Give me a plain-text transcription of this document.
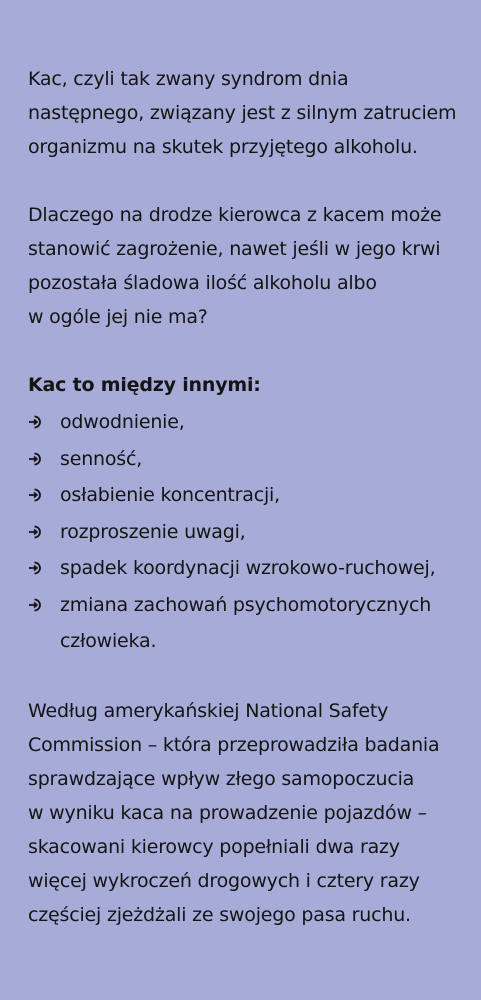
Kac, czyli tak zwany syndrom dnia
następnego, związany jest z silnym zatruciem
organizmu na skutek przyjętego alkoholu.

Dlaczego na drodze kierowca z kacem może
stanowić zagrożenie, nawet jeśli w jego krwi
pozostała śladowa ilość alkoholu albo
w ogóle jej nie ma?

Kac to między innymi:

odwodnienie,
senność,
osłabienie koncentracji,
rozproszenie uwagi,
spadek koordynacji wzrokowo-ruchowej,
zmiana zachowań psychomotorycznych
człowieka.

Według amerykańskiej National Safety
Commission – która przeprowadziła badania
sprawdzające wpływ złego samopoczucia
w wyniku kaca na prowadzenie pojazdów –
skacowani kierowcy popełniali dwa razy
więcej wykroczeń drogowych i cztery razy
częściej zjeżdżali ze swojego pasa ruchu.
